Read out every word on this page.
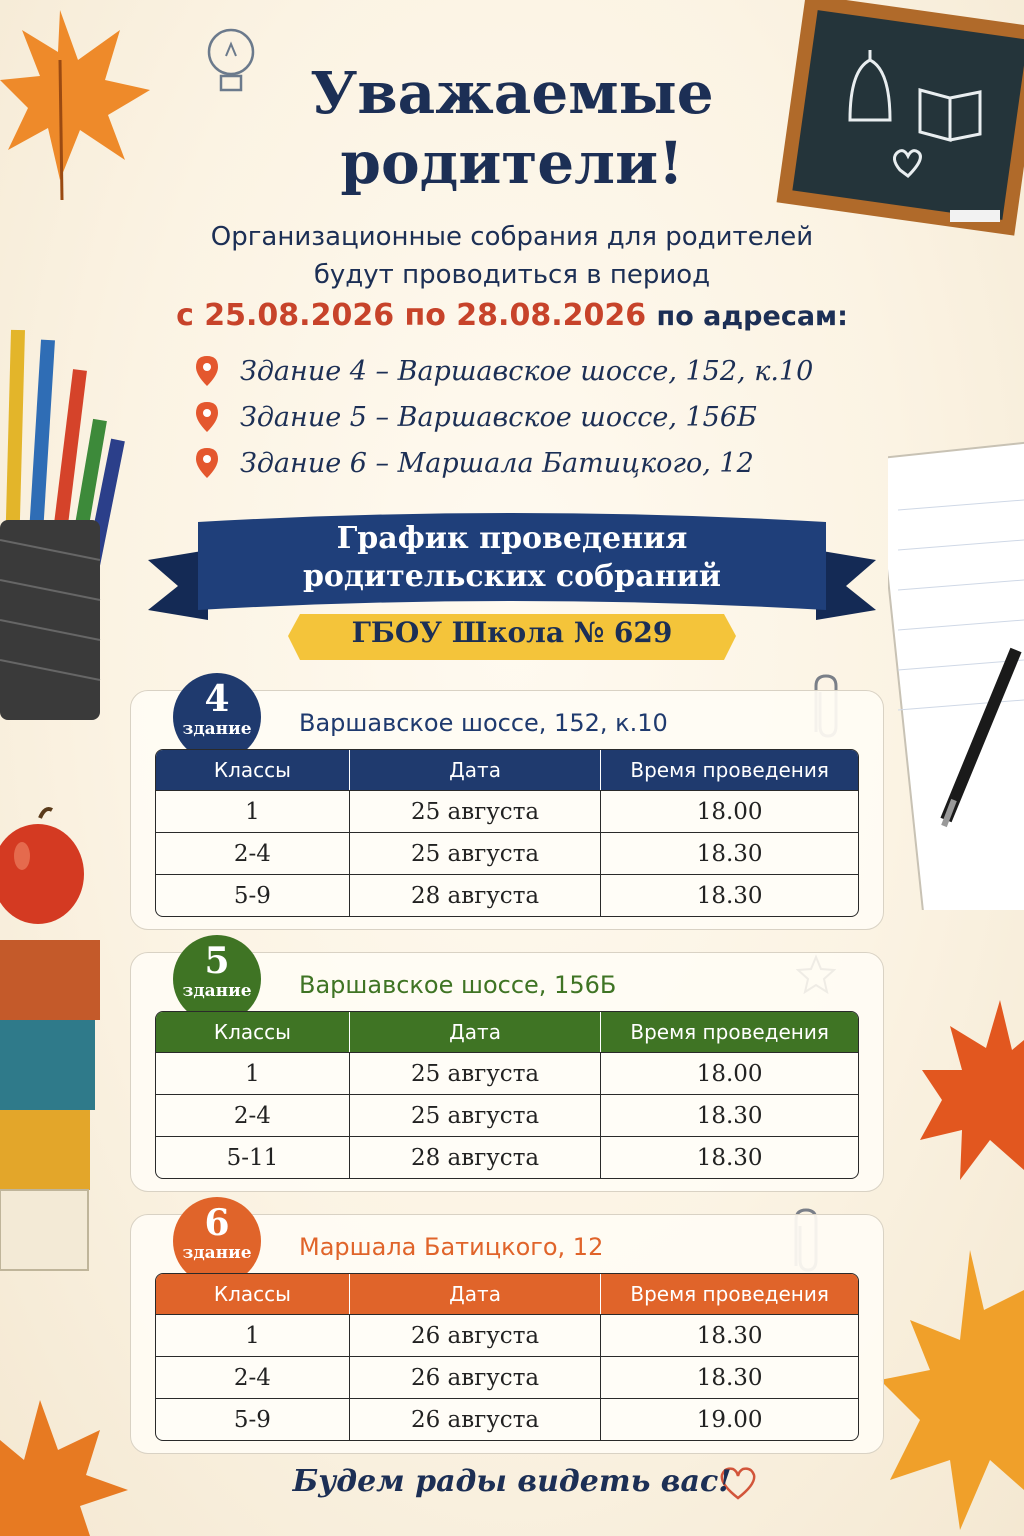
Уважаемые
родители!
Организационные собрания для родителей
будут проводиться в период
с 25.08.2026 по 28.08.2026 по адресам:
Здание 4 – Варшавское шоссе, 152, к.10
Здание 5 – Варшавское шоссе, 156Б
Здание 6 – Маршала Батицкого, 12
График проведения
родительских собраний
ГБОУ Школа № 629
4
здание	Варшавское шоссе, 152, к.10
Классы	Дата	Время проведения
1	25 августа	18.00
2-4	25 августа	18.30
5-9	28 августа	18.30
5
здание	Варшавское шоссе, 156Б
Классы	Дата	Время проведения
1	25 августа	18.00
2-4	25 августа	18.30
5-11	28 августа	18.30
6
здание	Маршала Батицкого, 12
Классы	Дата	Время проведения
1	26 августа	18.30
2-4	26 августа	18.30
5-9	26 августа	19.00
Будем рады видеть вас!
